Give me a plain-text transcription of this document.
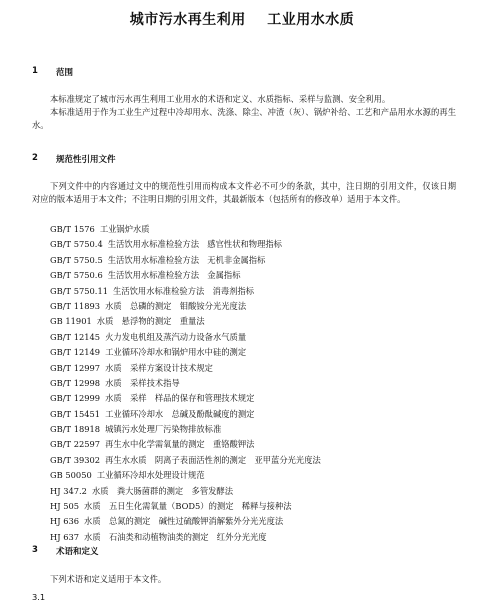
城市污水再生利用    工业用水水质
1 范围
本标准规定了城市污水再生利用工业用水的术语和定义、水质指标、采样与监测、安全利用。
本标准适用于作为工业生产过程中冷却用水、洗涤、除尘、冲渣（灰）、锅炉补给、工艺和产品用水水源的再生水。
2 规范性引用文件
下列文件中的内容通过文中的规范性引用而构成本文件必不可少的条款，其中，注日期的引用文件，仅该日期对应的版本适用于本文件；不注明日期的引用文件，其最新版本（包括所有的修改单）适用于本文件。
GB/T 1576 工业锅炉水质
GB/T 5750.4 生活饮用水标准检验方法　感官性状和物理指标
GB/T 5750.5 生活饮用水标准检验方法　无机非金属指标
GB/T 5750.6 生活饮用水标准检验方法　金属指标
GB/T 5750.11 生活饮用水标准检验方法　消毒剂指标
GB/T 11893 水质　总磷的测定　钼酸铵分光光度法
GB 11901 水质　悬浮物的测定　重量法
GB/T 12145 火力发电机组及蒸汽动力设备水气质量
GB/T 12149 工业循环冷却水和锅炉用水中硅的测定
GB/T 12997 水质　采样方案设计技术规定
GB/T 12998 水质　采样技术指导
GB/T 12999 水质　采样　样品的保存和管理技术规定
GB/T 15451 工业循环冷却水　总碱及酚酞碱度的测定
GB/T 18918 城镇污水处理厂污染物排放标准
GB/T 22597 再生水中化学需氧量的测定　重铬酸钾法
GB/T 39302 再生水水质　阴离子表面活性剂的测定　亚甲蓝分光光度法
GB 50050 工业循环冷却水处理设计规范
HJ 347.2 水质　粪大肠菌群的测定　多管发酵法
HJ 505 水质　五日生化需氧量（BOD5）的测定　稀释与接种法
HJ 636 水质　总氮的测定　碱性过硫酸钾消解紫外分光光度法
HJ 637 水质　石油类和动植物油类的测定　红外分光光度
3 术语和定义
下列术语和定义适用于本文件。
3.1
